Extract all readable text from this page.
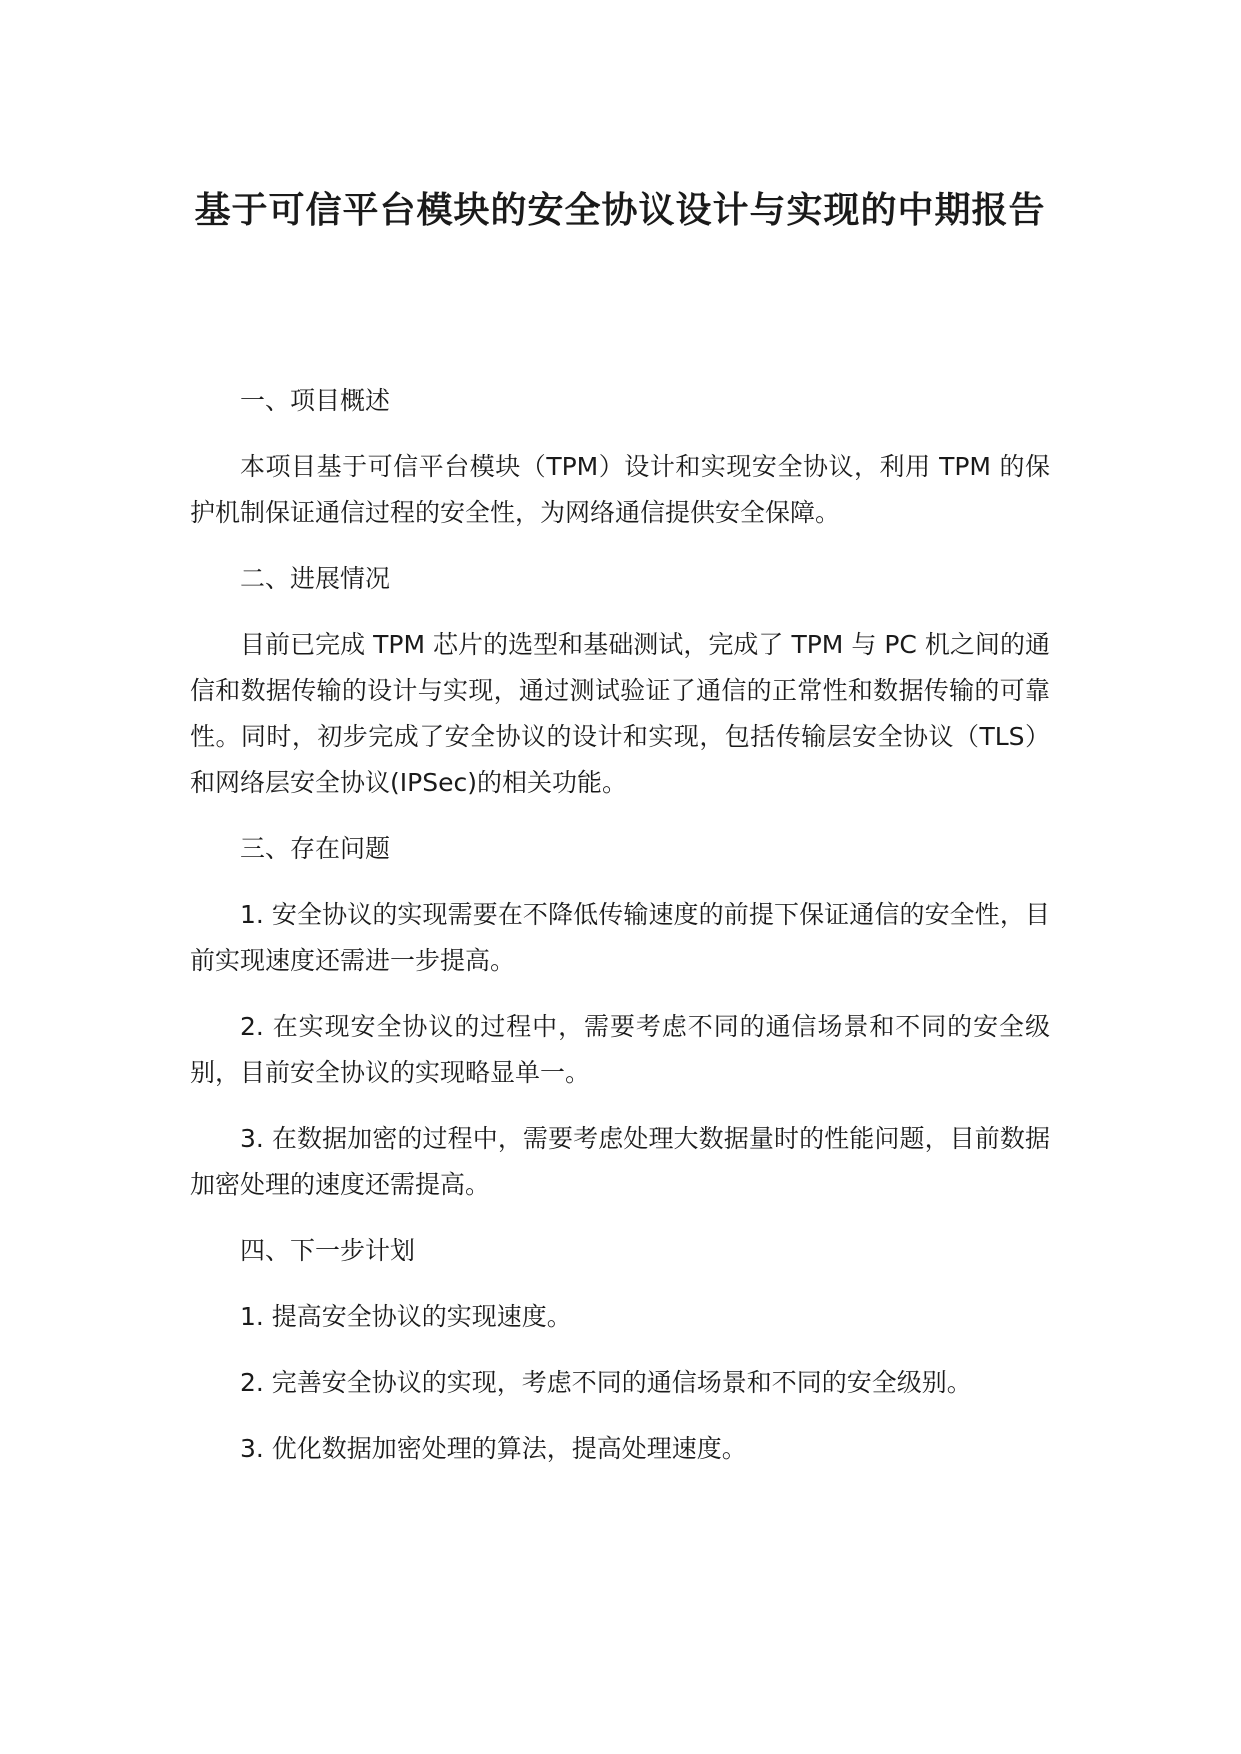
基于可信平台模块的安全协议设计与实现的中期报告

一、项目概述

本项目基于可信平台模块（TPM）设计和实现安全协议，利用 TPM 的保护机制保证通信过程的安全性，为网络通信提供安全保障。

二、进展情况

目前已完成 TPM 芯片的选型和基础测试，完成了 TPM 与 PC 机之间的通信和数据传输的设计与实现，通过测试验证了通信的正常性和数据传输的可靠性。同时，初步完成了安全协议的设计和实现，包括传输层安全协议（TLS）和网络层安全协议(IPSec)的相关功能。

三、存在问题

1. 安全协议的实现需要在不降低传输速度的前提下保证通信的安全性，目前实现速度还需进一步提高。

2. 在实现安全协议的过程中，需要考虑不同的通信场景和不同的安全级别，目前安全协议的实现略显单一。

3. 在数据加密的过程中，需要考虑处理大数据量时的性能问题，目前数据加密处理的速度还需提高。

四、下一步计划

1. 提高安全协议的实现速度。

2. 完善安全协议的实现，考虑不同的通信场景和不同的安全级别。

3. 优化数据加密处理的算法，提高处理速度。
